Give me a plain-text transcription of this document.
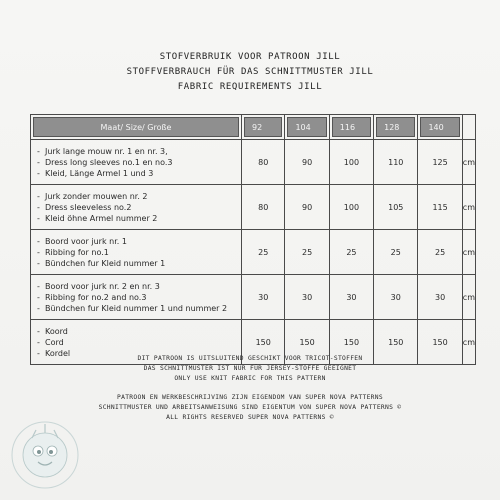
STOFVERBRUIK VOOR PATROON JILL
STOFFVERBRAUCH FÜR DAS SCHNITTMUSTER JILL
FABRIC REQUIREMENTS JILL
Maat/ Size/ Große	92	104	116	128	140	

- Jurk lange mouw nr. 1 en nr. 3,
- Dress long sleeves no.1 en no.3
- Kleid, Länge Armel 1 und 3	80	90	100	110	125	cm

- Jurk zonder mouwen nr. 2
- Dress sleeveless no.2
- Kleid öhne Armel nummer 2	80	90	100	105	115	cm

- Boord voor jurk nr. 1
- Ribbing for no.1
- Bündchen fur Kleid nummer 1	25	25	25	25	25	cm

- Boord voor jurk nr. 2 en nr. 3
- Ribbing for no.2 and no.3
- Bündchen fur Kleid nummer 1 und nummer 2	30	30	30	30	30	cm

- Koord
- Cord
- Kordel	150	150	150	150	150	cm
DIT PATROON IS UITSLUITEND GESCHIKT VOOR TRICOT-STOFFEN
DAS SCHNITTMUSTER IST NUR FÜR JERSEY-STOFFE GEEIGNET
ONLY USE KNIT FABRIC FOR THIS PATTERN
PATROON EN WERKBESCHRIJVING ZIJN EIGENDOM VAN SUPER NOVA PATTERNS
SCHNITTMUSTER UND ARBEITSANWEISUNG SIND EIGENTUM VON SUPER NOVA PATTERNS ©
ALL RIGHTS RESERVED SUPER NOVA PATTERNS ©
